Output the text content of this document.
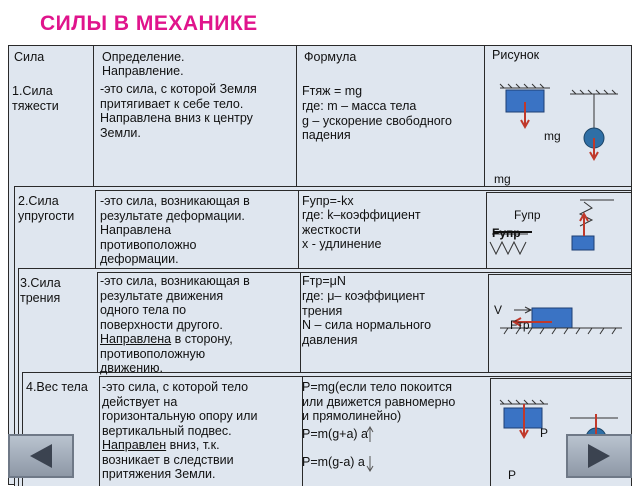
СИЛЫ В МЕХАНИКЕ
Сила	Определение.
Направление.
Формула	Рисунок
1.Сила
тяжести
-это сила, с которой Земля
притягивает к себе тело.
Направлена вниз к центру
Земли.
Fтяж = mg
где: m – масса тела
g – ускорение свободного
падения
2.Сила
упругости
-это сила, возникающая в
результате деформации.
Направлена
противоположно
деформации.
Fупр=-kx
где: k–коэффициент
жесткости
x - удлинение
3.Сила
трения
-это сила, возникающая в
результате движения
одного тела по
поверхности другого.
Направлена в сторону,
противоположную
движению.
Fтр=μN
где: μ– коэффициент
трения
N – сила нормального
давления
4.Вес тела -это сила, с которой тело
действует на
горизонтальную опору или
вертикальный подвес.
Направлен вниз, т.к.
возникает в следствии
притяжения Земли.
P=mg(если тело покоится
или движется равномерно
и прямолинейно)
P=m(g+a) a
P=m(g-a) a
mg
mg
Fупр
Fупр
V
Fтр
P
P
